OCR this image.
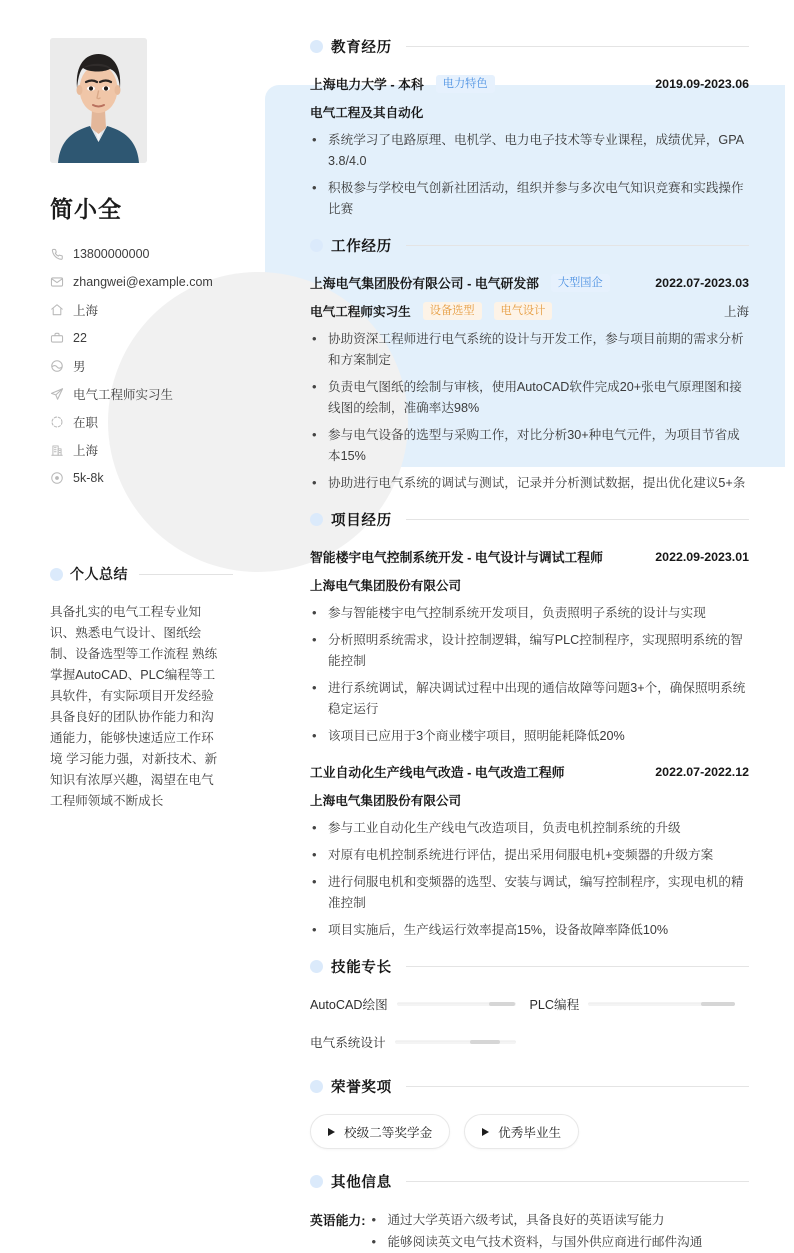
简小全
13800000000
zhangwei@example.com
上海
22
男
电气工程师实习生
在职
上海
5k-8k
个人总结
具备扎实的电气工程专业知识、熟悉电气设计、图纸绘制、设备选型等工作流程 熟练掌握AutoCAD、PLC编程等工具软件，有实际项目开发经验 具备良好的团队协作能力和沟通能力，能够快速适应工作环境 学习能力强，对新技术、新知识有浓厚兴趣，渴望在电气工程师领域不断成长
教育经历
上海电力大学 - 本科	电力特色	2019.09-2023.06
电气工程及其自动化
• 系统学习了电路原理、电机学、电力电子技术等专业课程，成绩优异，GPA 3.8/4.0
• 积极参与学校电气创新社团活动，组织并参与多次电气知识竞赛和实践操作比赛
工作经历
上海电气集团股份有限公司 - 电气研发部	大型国企	2022.07-2023.03
电气工程师实习生	设备选型	电气设计	上海
• 协助资深工程师进行电气系统的设计与开发工作，参与项目前期的需求分析和方案制定
• 负责电气图纸的绘制与审核，使用AutoCAD软件完成20+张电气原理图和接线图的绘制，准确率达98%
• 参与电气设备的选型与采购工作，对比分析30+种电气元件，为项目节省成本15%
• 协助进行电气系统的调试与测试，记录并分析测试数据，提出优化建议5+条
项目经历
智能楼宇电气控制系统开发 - 电气设计与调试工程师	2022.09-2023.01
上海电气集团股份有限公司
• 参与智能楼宇电气控制系统开发项目，负责照明子系统的设计与实现
• 分析照明系统需求，设计控制逻辑，编写PLC控制程序，实现照明系统的智能控制
• 进行系统调试，解决调试过程中出现的通信故障等问题3+个，确保照明系统稳定运行
• 该项目已应用于3个商业楼宇项目，照明能耗降低20%
工业自动化生产线电气改造 - 电气改造工程师	2022.07-2022.12
上海电气集团股份有限公司
• 参与工业自动化生产线电气改造项目，负责电机控制系统的升级
• 对原有电机控制系统进行评估，提出采用伺服电机+变频器的升级方案
• 进行伺服电机和变频器的选型、安装与调试，编写控制程序，实现电机的精准控制
• 项目实施后，生产线运行效率提高15%，设备故障率降低10%
技能专长
AutoCAD绘图	PLC编程
电气系统设计
荣誉奖项
校级二等奖学金	优秀毕业生
其他信息
英语能力:	• 通过大学英语六级考试，具备良好的英语读写能力
• 能够阅读英文电气技术资料，与国外供应商进行邮件沟通
